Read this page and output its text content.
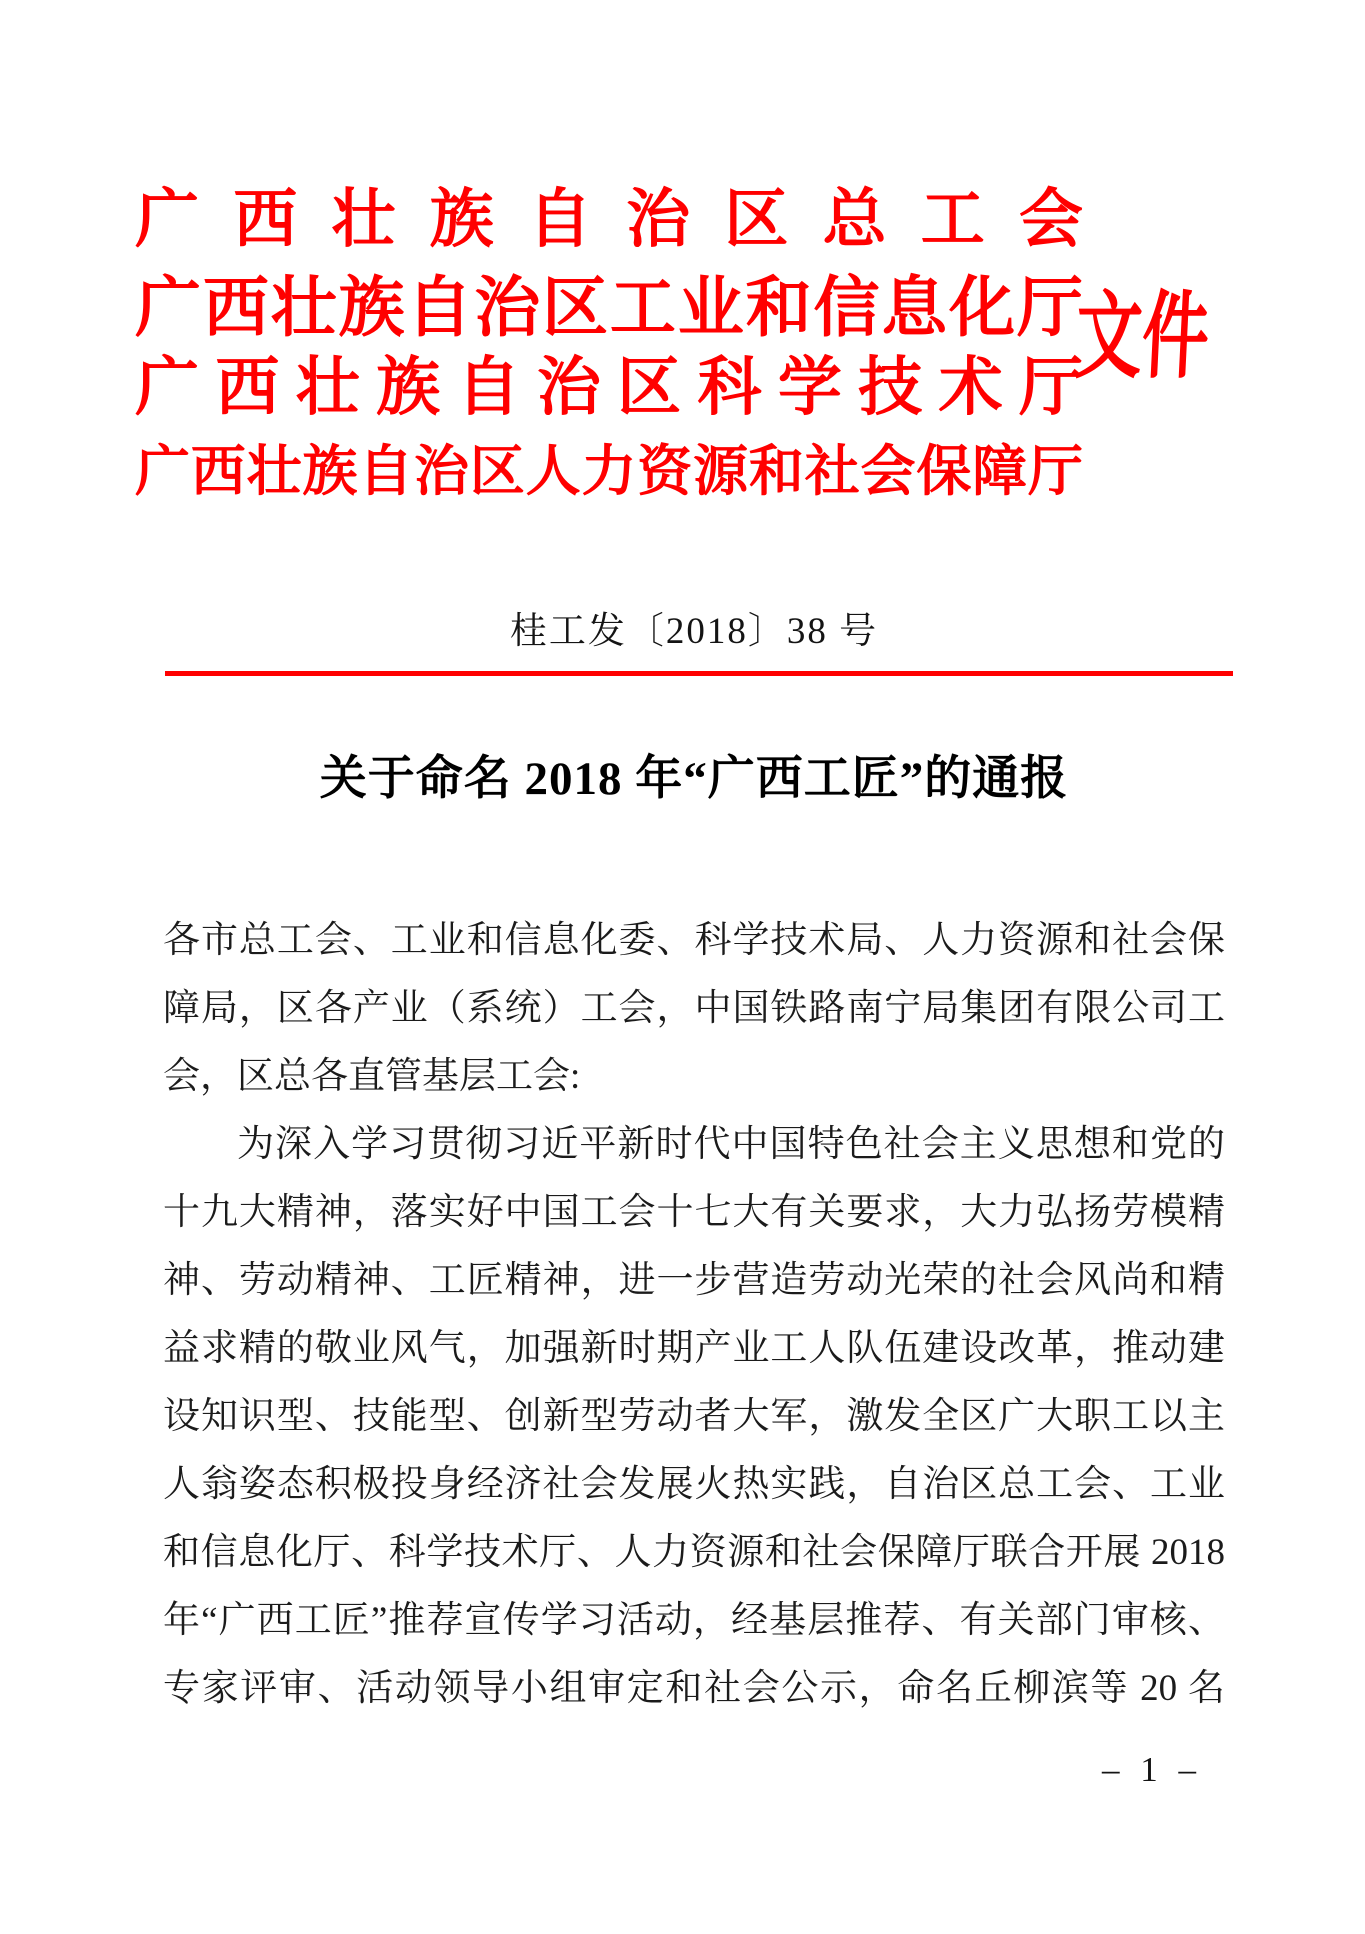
广西壮族自治区总工会
广西壮族自治区工业和信息化厅
广西壮族自治区科学技术厅
广西壮族自治区人力资源和社会保障厅
文件
桂工发〔2018〕38 号
关于命名 2018 年“广西工匠”的通报
各市总工会、工业和信息化委、科学技术局、人力资源和社会保
障局，区各产业（系统）工会，中国铁路南宁局集团有限公司工
会，区总各直管基层工会:
为深入学习贯彻习近平新时代中国特色社会主义思想和党的
十九大精神，落实好中国工会十七大有关要求，大力弘扬劳模精
神、劳动精神、工匠精神，进一步营造劳动光荣的社会风尚和精
益求精的敬业风气，加强新时期产业工人队伍建设改革，推动建
设知识型、技能型、创新型劳动者大军，激发全区广大职工以主
人翁姿态积极投身经济社会发展火热实践，自治区总工会、工业
和信息化厅、科学技术厅、人力资源和社会保障厅联合开展 2018
年“广西工匠”推荐宣传学习活动，经基层推荐、有关部门审核、
专家评审、活动领导小组审定和社会公示，命名丘柳滨等 20 名
– 1 –
